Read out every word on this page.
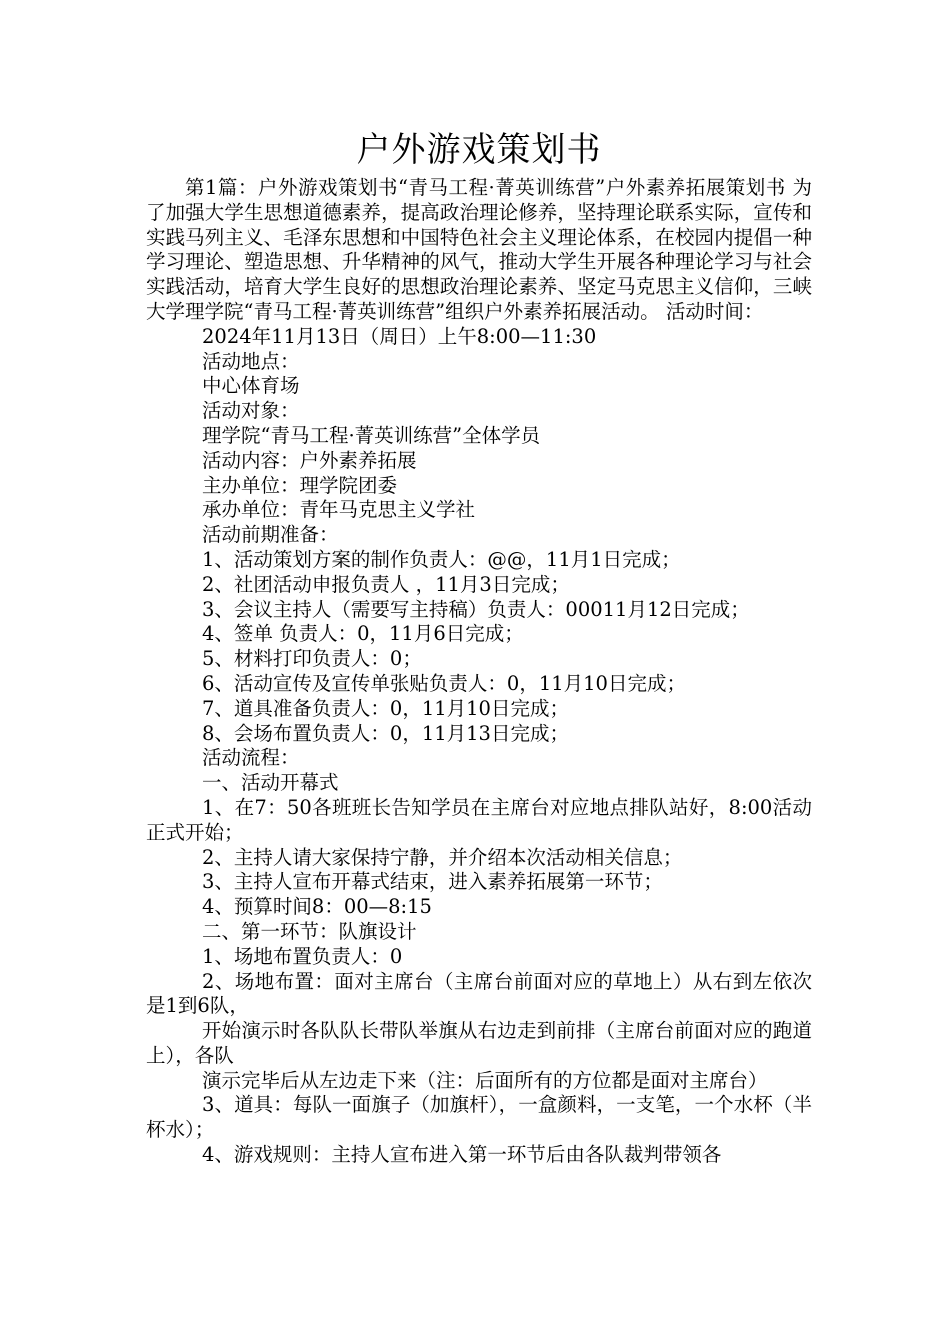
户外游戏策划书

第1篇：户外游戏策划书“青马工程·菁英训练营”户外素养拓展策划书 为了加强大学生思想道德素养，提高政治理论修养，坚持理论联系实际，宣传和实践马列主义、毛泽东思想和中国特色社会主义理论体系，在校园内提倡一种学习理论、塑造思想、升华精神的风气，推动大学生开展各种理论学习与社会实践活动，培育大学生良好的思想政治理论素养、坚定马克思主义信仰，三峡大学理学院“青马工程·菁英训练营”组织户外素养拓展活动。 活动时间：

2024年11月13日（周日）上午8:00—11:30

活动地点：

中心体育场

活动对象：

理学院“青马工程·菁英训练营”全体学员

活动内容：户外素养拓展

主办单位：理学院团委

承办单位：青年马克思主义学社

活动前期准备：

1、活动策划方案的制作负责人：@@，11月1日完成；

2、社团活动申报负责人 ，11月3日完成；

3、会议主持人（需要写主持稿）负责人：00011月12日完成；

4、签单 负责人：0，11月6日完成；

5、材料打印负责人：0；

6、活动宣传及宣传单张贴负责人：0，11月10日完成；

7、道具准备负责人：0，11月10日完成；

8、会场布置负责人：0，11月13日完成；

活动流程：

一、活动开幕式

1、在7：50各班班长告知学员在主席台对应地点排队站好，8:00活动正式开始；

2、主持人请大家保持宁静，并介绍本次活动相关信息；

3、主持人宣布开幕式结束，进入素养拓展第一环节；

4、预算时间8：00—8:15

二、第一环节：队旗设计

1、场地布置负责人：0

2、场地布置：面对主席台（主席台前面对应的草地上）从右到左依次是1到6队，

开始演示时各队队长带队举旗从右边走到前排（主席台前面对应的跑道上），各队

演示完毕后从左边走下来（注：后面所有的方位都是面对主席台）

3、道具：每队一面旗子（加旗杆），一盒颜料，一支笔，一个水杯（半杯水）；

4、游戏规则：主持人宣布进入第一环节后由各队裁判带领各
